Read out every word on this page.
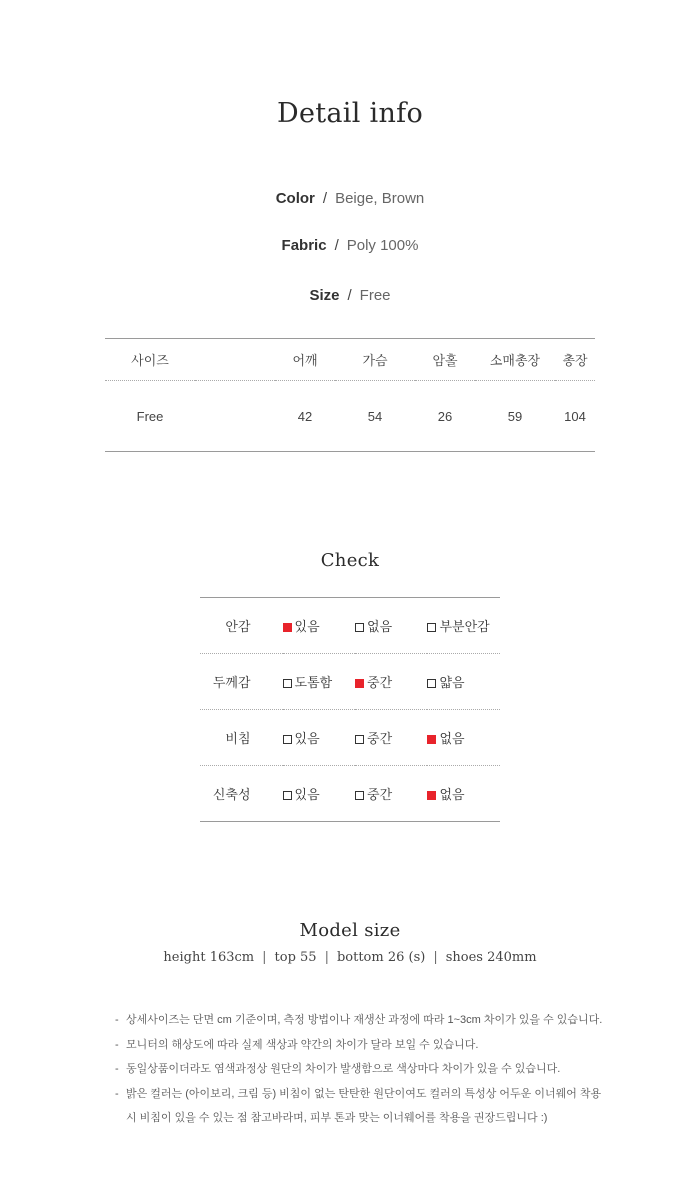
Detail info
Color / Beige, Brown
Fabric / Poly 100%
Size / Free
사이즈		어깨	가슴	암홀	소매총장	총장
Free		42	54	26	59	104
Check
안감	있음	없음	부분안감
두께감	도톰함	중간	얇음
비침	있음	중간	없음
신축성	있음	중간	없음
Model size
height 163cm | top 55 | bottom 26 (s) | shoes 240mm
- 상세사이즈는 단면 cm 기준이며, 측정 방법이나 재생산 과정에 따라 1~3cm 차이가 있을 수 있습니다.
- 모니터의 해상도에 따라 실제 색상과 약간의 차이가 달라 보일 수 있습니다.
- 동일상품이더라도 염색과정상 원단의 차이가 발생함으로 색상마다 차이가 있을 수 있습니다.
- 밝은 컬러는 (아이보리, 크림 등) 비침이 없는 탄탄한 원단이여도 컬러의 특성상 어두운 이너웨어 착용 시 비침이 있을 수 있는 점 참고바라며, 피부 톤과 맞는 이너웨어를 착용을 권장드립니다 :)
